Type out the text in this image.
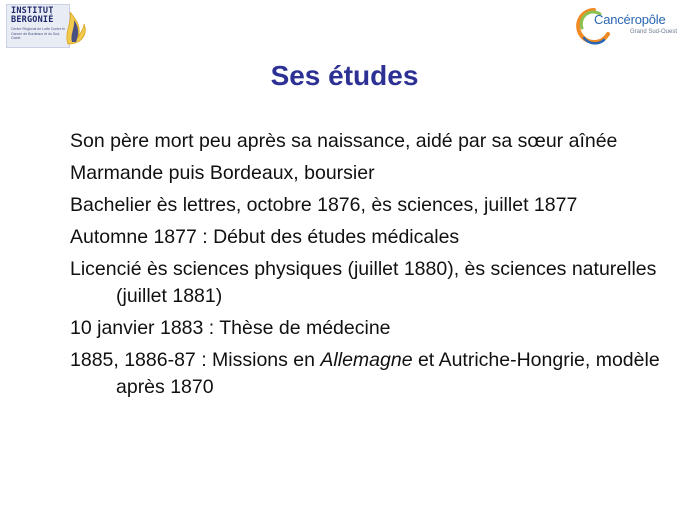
INSTITUT
BERGONIÉ
Centre Régional de Lutte Contre le Cancer de Bordeaux et du Sud-Ouest
Cancéropôle
Grand Sud-Ouest
Ses études
Son père mort peu après sa naissance, aidé par sa sœur aînée
Marmande puis Bordeaux, boursier
Bachelier ès lettres, octobre 1876, ès sciences, juillet 1877
Automne 1877 : Début des études médicales
Licencié ès sciences physiques (juillet 1880), ès sciences naturelles (juillet 1881)
10 janvier 1883 : Thèse de médecine
1885, 1886-87 : Missions en Allemagne et Autriche-Hongrie, modèle après 1870
